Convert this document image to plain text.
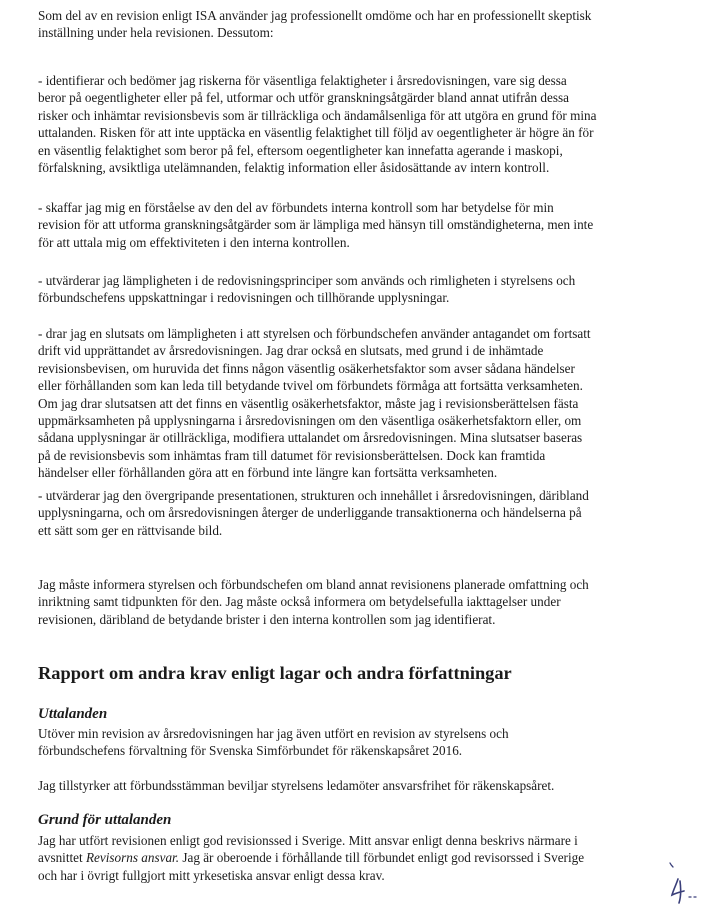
Som del av en revision enligt ISA använder jag professionellt omdöme och har en professionellt skeptisk
inställning under hela revisionen. Dessutom:

- identifierar och bedömer jag riskerna för väsentliga felaktigheter i årsredovisningen, vare sig dessa
beror på oegentligheter eller på fel, utformar och utför granskningsåtgärder bland annat utifrån dessa
risker och inhämtar revisionsbevis som är tillräckliga och ändamålsenliga för att utgöra en grund för mina
uttalanden. Risken för att inte upptäcka en väsentlig felaktighet till följd av oegentligheter är högre än för
en väsentlig felaktighet som beror på fel, eftersom oegentligheter kan innefatta agerande i maskopi,
förfalskning, avsiktliga utelämnanden, felaktig information eller åsidosättande av intern kontroll.

- skaffar jag mig en förståelse av den del av förbundets interna kontroll som har betydelse för min
revision för att utforma granskningsåtgärder som är lämpliga med hänsyn till omständigheterna, men inte
för att uttala mig om effektiviteten i den interna kontrollen.

- utvärderar jag lämpligheten i de redovisningsprinciper som används och rimligheten i styrelsens och
förbundschefens uppskattningar i redovisningen och tillhörande upplysningar.

- drar jag en slutsats om lämpligheten i att styrelsen och förbundschefen använder antagandet om fortsatt
drift vid upprättandet av årsredovisningen. Jag drar också en slutsats, med grund i de inhämtade
revisionsbevisen, om huruvida det finns någon väsentlig osäkerhetsfaktor som avser sådana händelser
eller förhållanden som kan leda till betydande tvivel om förbundets förmåga att fortsätta verksamheten.
Om jag drar slutsatsen att det finns en väsentlig osäkerhetsfaktor, måste jag i revisionsberättelsen fästa
uppmärksamheten på upplysningarna i årsredovisningen om den väsentliga osäkerhetsfaktorn eller, om
sådana upplysningar är otillräckliga, modifiera uttalandet om årsredovisningen. Mina slutsatser baseras
på de revisionsbevis som inhämtas fram till datumet för revisionsberättelsen. Dock kan framtida
händelser eller förhållanden göra att en förbund inte längre kan fortsätta verksamheten.

- utvärderar jag den övergripande presentationen, strukturen och innehållet i årsredovisningen, däribland
upplysningarna, och om årsredovisningen återger de underliggande transaktionerna och händelserna på
ett sätt som ger en rättvisande bild.

Jag måste informera styrelsen och förbundschefen om bland annat revisionens planerade omfattning och
inriktning samt tidpunkten för den. Jag måste också informera om betydelsefulla iakttagelser under
revisionen, däribland de betydande brister i den interna kontrollen som jag identifierat.

Rapport om andra krav enligt lagar och andra författningar
Uttalanden

Utöver min revision av årsredovisningen har jag även utfört en revision av styrelsens och
förbundschefens förvaltning för Svenska Simförbundet för räkenskapsåret 2016.

Jag tillstyrker att förbundsstämman beviljar styrelsens ledamöter ansvarsfrihet för räkenskapsåret.

Grund för uttalanden

Jag har utfört revisionen enligt god revisionssed i Sverige. Mitt ansvar enligt denna beskrivs närmare i
avsnittet Revisorns ansvar. Jag är oberoende i förhållande till förbundet enligt god revisorssed i Sverige
och har i övrigt fullgjort mitt yrkesetiska ansvar enligt dessa krav.
